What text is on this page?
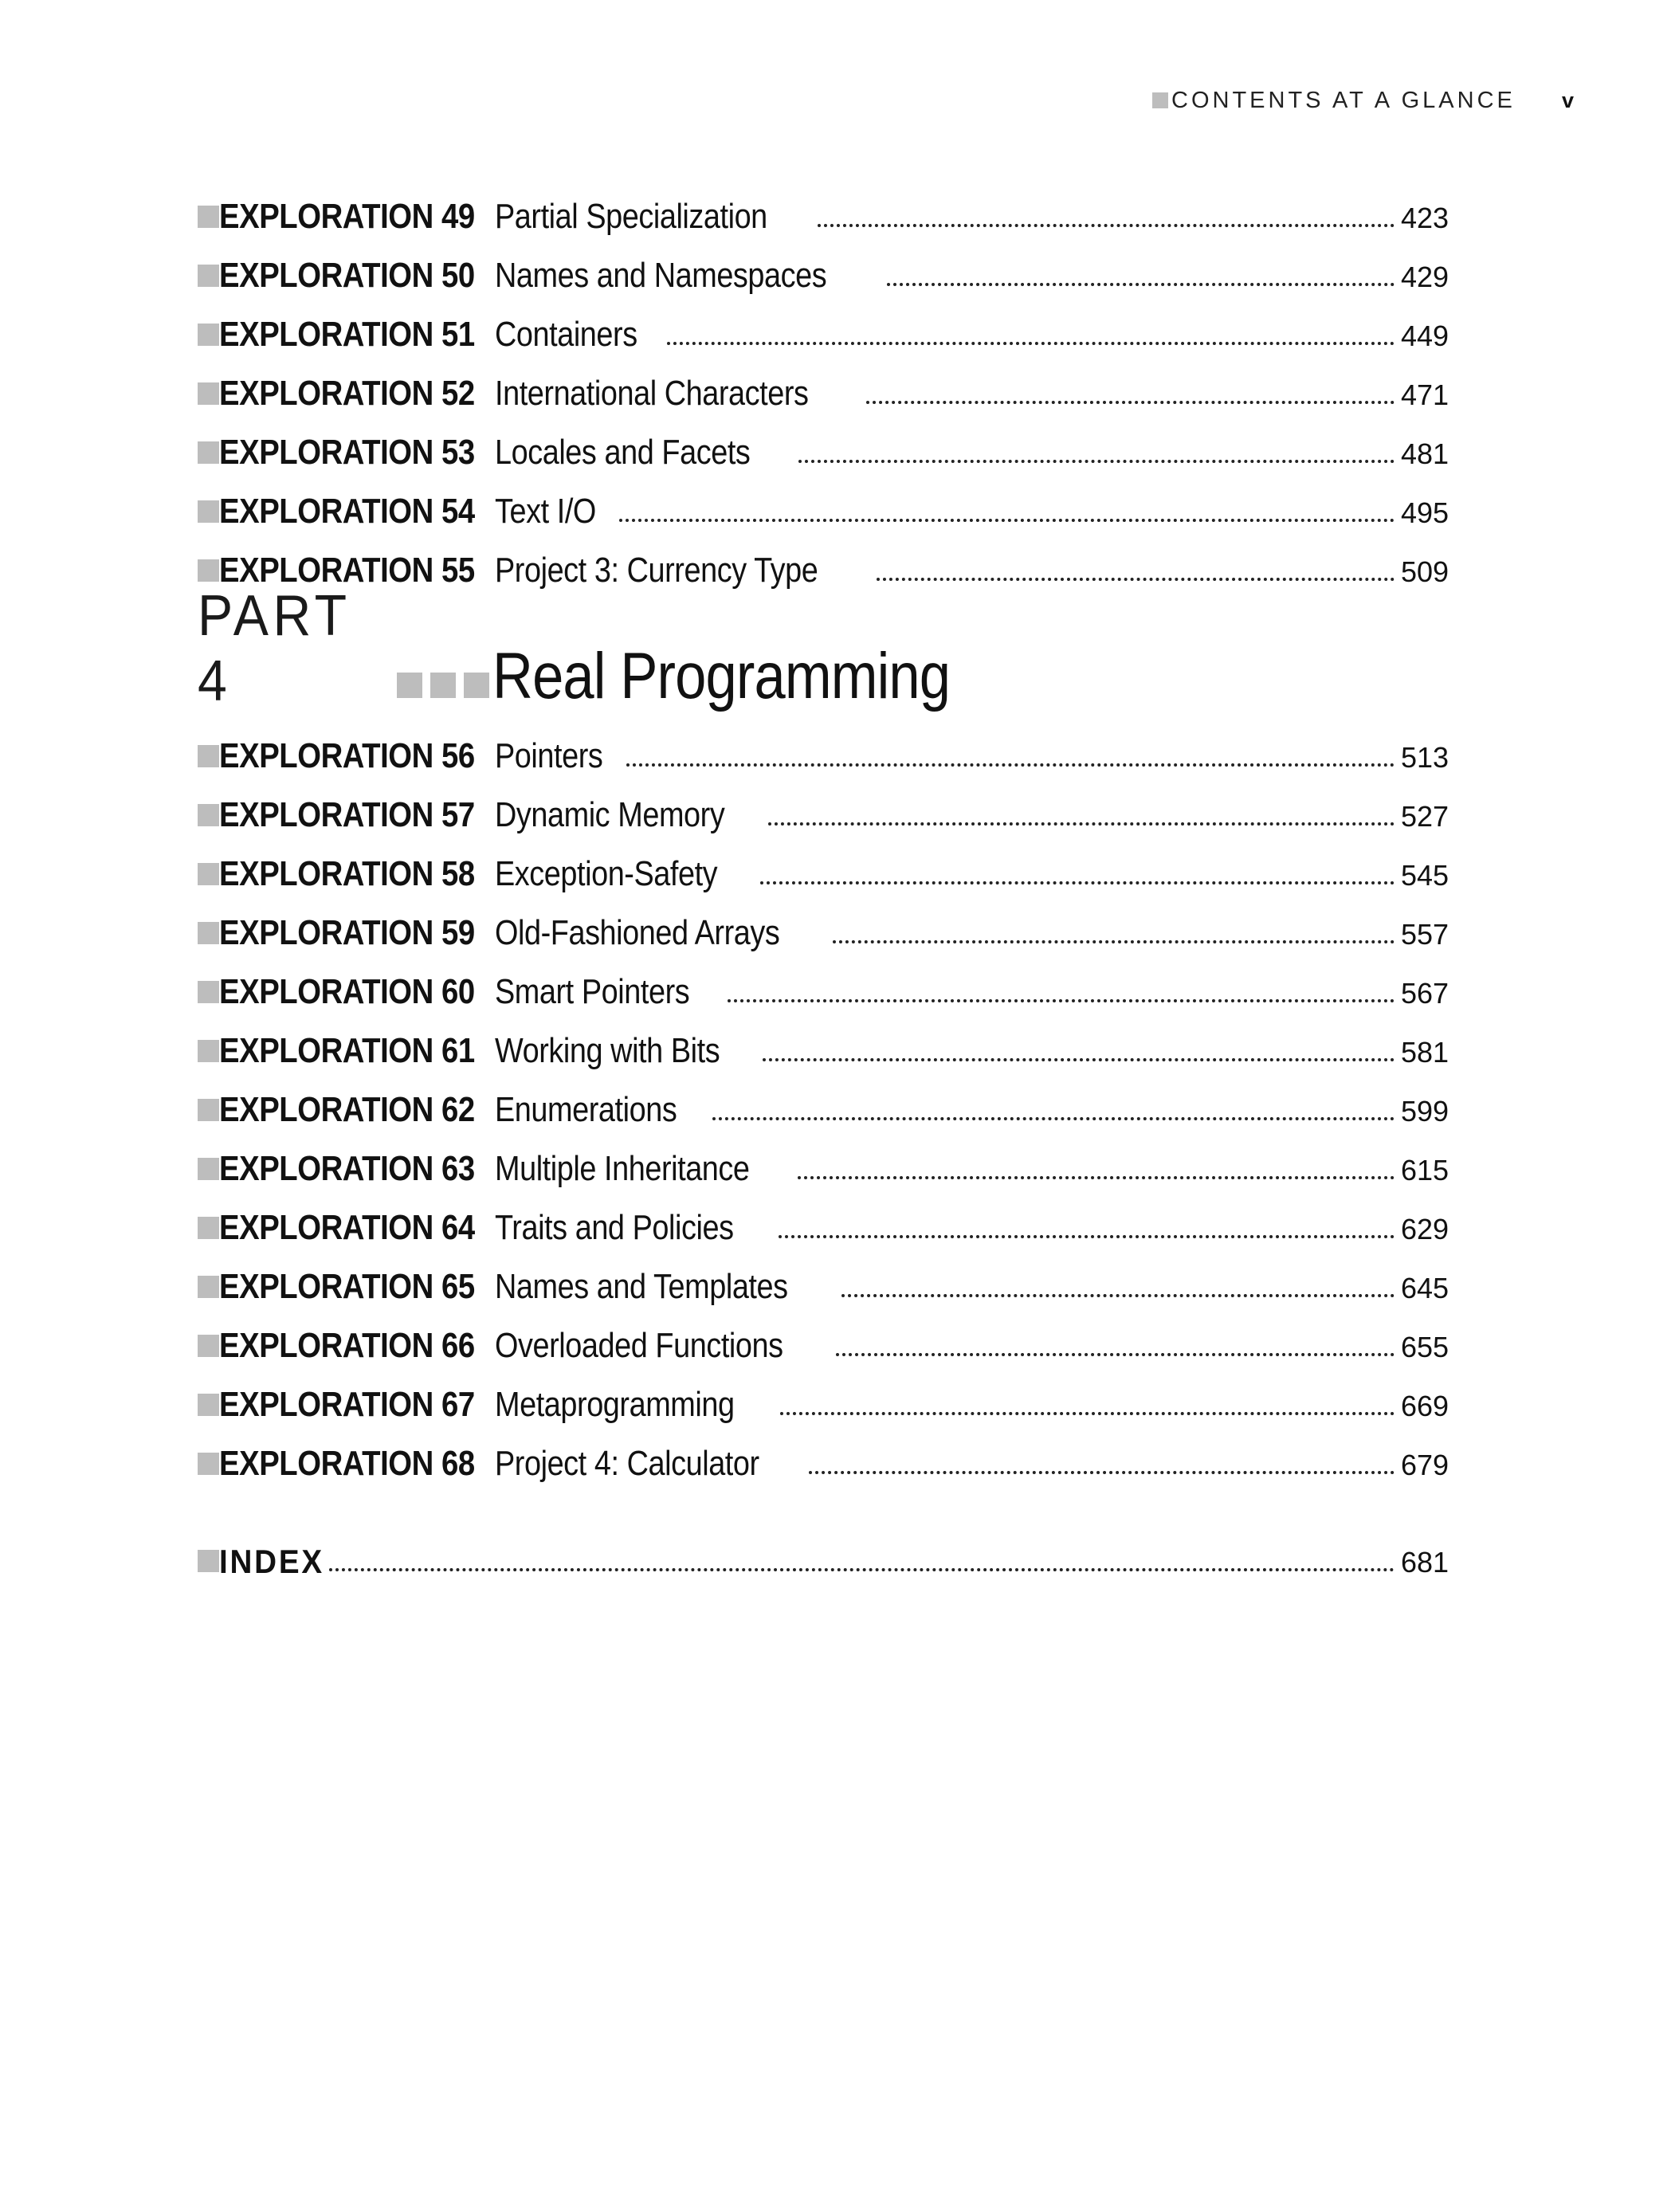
CONTENTS AT A GLANCE v
EXPLORATION 49 Partial Specialization	423
EXPLORATION 50 Names and Namespaces	429
EXPLORATION 51 Containers	449
EXPLORATION 52 International Characters	471
EXPLORATION 53 Locales and Facets	481
EXPLORATION 54 Text I/O	495
EXPLORATION 55 Project 3: Currency Type	509
PART 4	Real Programming
EXPLORATION 56 Pointers	513
EXPLORATION 57 Dynamic Memory	527
EXPLORATION 58 Exception-Safety	545
EXPLORATION 59 Old-Fashioned Arrays	557
EXPLORATION 60 Smart Pointers	567
EXPLORATION 61 Working with Bits	581
EXPLORATION 62 Enumerations	599
EXPLORATION 63 Multiple Inheritance	615
EXPLORATION 64 Traits and Policies	629
EXPLORATION 65 Names and Templates	645
EXPLORATION 66 Overloaded Functions	655
EXPLORATION 67 Metaprogramming	669
EXPLORATION 68 Project 4: Calculator	679
INDEX	681
